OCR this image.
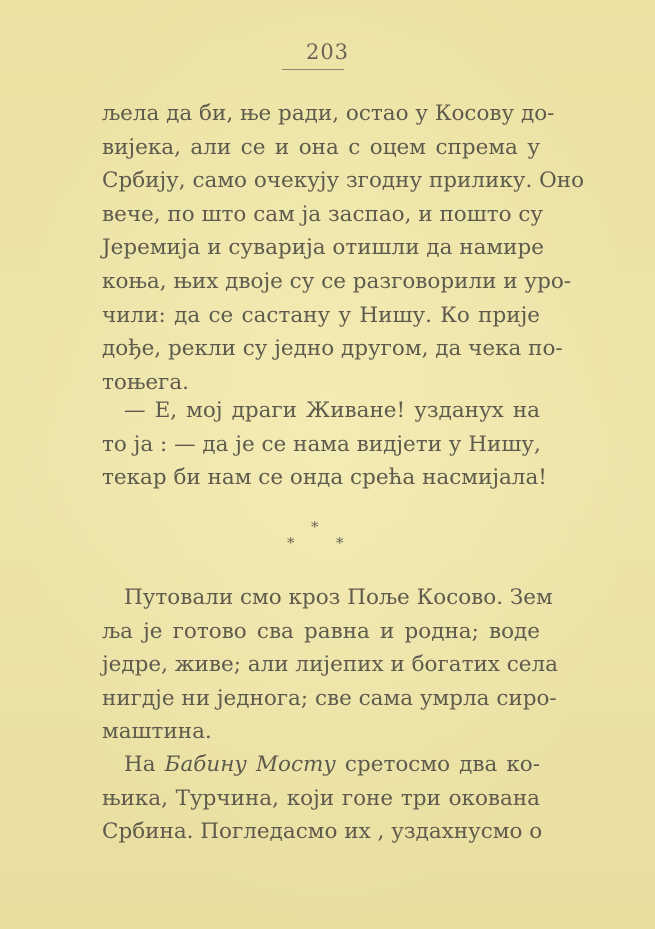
203
љела да би, ње ради, остао у Косову до-
вијека, али се и она с оцем спрема у
Србију, само очекују згодну прилику. Оно
вече, по што сам ја заспао, и пошто су
Јеремија и суварија отишли да намире
коња, њих двоје су се разговорили и уро-
чили: да се састану у Нишу. Ко прије
дође, рекли су једно другом, да чека по-
тоњега.
— Е, мој драги Живане! узданух на
то ја : — да је се нама видјети у Нишу,
текар би нам се онда срећа насмијала!
*
*	*
Путовали смо кроз Поље Косово. Зем
ља је готово сва равна и родна; воде
једре, живе; али лијепих и богатих села
нигдје ни једнога; све сама умрла сиро-
маштина.
На Бабину Мосту сретосмо два ко-
њика, Турчина, који гоне три окована
Србина. Погледасмо их , уздахнусмо о
